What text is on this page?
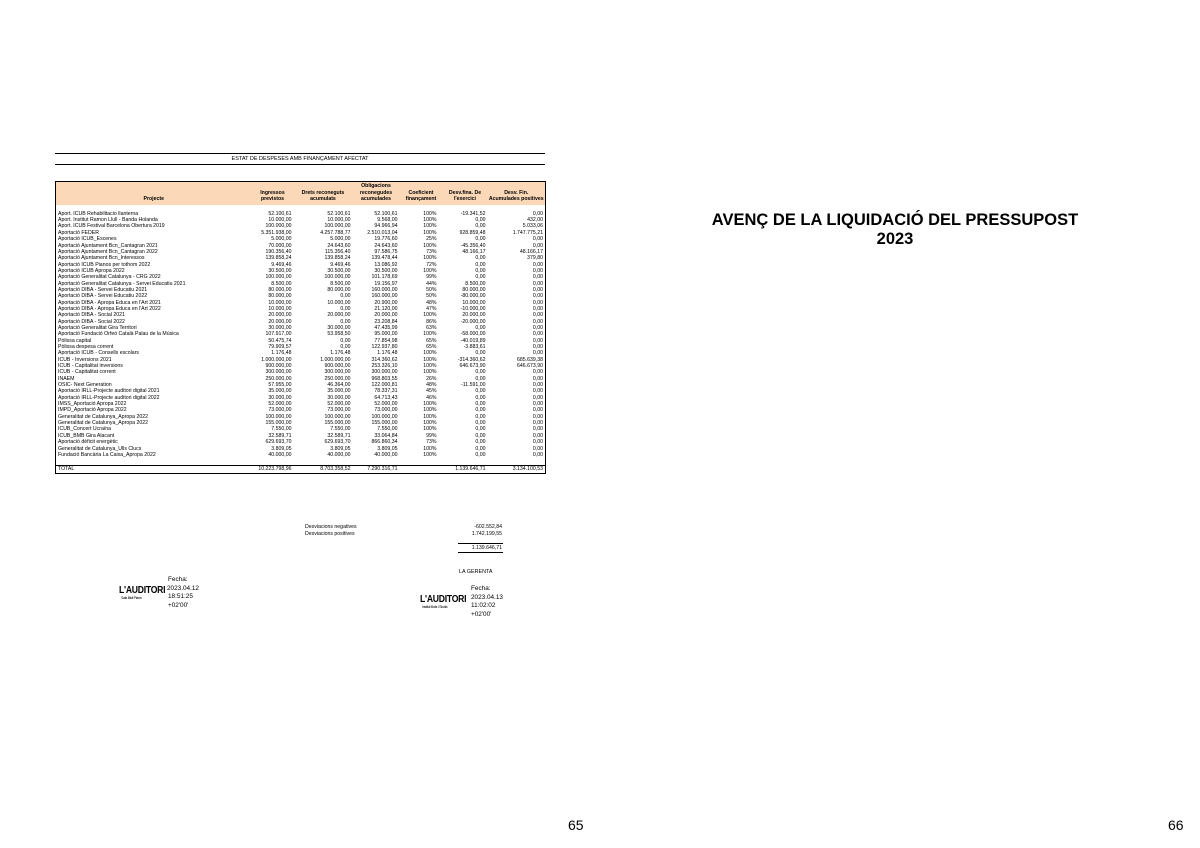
ESTAT DE DESPESES AMB FINANÇAMENT AFECTAT
Projecte	Ingressos previstos	Drets reconeguts acumulats	Obligacions reconegudes acumulades	Coeficient finançament	Desv.fina. De l'exercici	Desv. Fin. Acumulades positives

Aport. ICUB Rehabilitacio llanterna	52.100,61	52.100,61	52.100,61	100%	-19.341,52	0,00
Aport. Institut Ramon Llull - Banda Holanda	10.000,00	10.000,00	9.568,00	100%	0,00	432,00
Aport. ICUB Festival Barcelona Obertura 2019	100.000,00	100.000,00	94.966,94	100%	0,00	5.033,06
Aportació FEDER	5.351.938,00	4.257.788,77	2.510.013,04	100%	928.859,48	1.747.775,21
Aportació ICUB_Escenes	5.000,00	5.000,00	19.776,60	25%	0,00	0,00
Aportació Ajuntament Bcn_Cantagran 2021	70.000,00	24.643,60	24.643,60	100%	-45.356,40	0,00
Aportació Ajuntament Bcn_Cantagran 2022	190.356,40	115.356,40	97.586,75	73%	48.166,17	48.166,17
Aportació Ajuntament Bcn_Interessos	139.858,24	139.858,24	139.478,44	100%	0,00	379,80
Aportació ICUB Pianos per tothom 2022	9.469,46	9.469,46	13.086,92	72%	0,00	0,00
Aportació ICUB Apropa 2022	30.500,00	30.500,00	30.500,00	100%	0,00	0,00
Aportació Generalitat Catalunya - CRG 2022	100.000,00	100.000,00	101.178,69	99%	0,00	0,00
Aportació Generalitat Catalunya - Servei Educatiu 2021	8.500,00	8.500,00	19.156,97	44%	8.500,00	0,00
Aportació DIBA - Servei Educatiu 2021	80.000,00	80.000,00	160.000,00	50%	80.000,00	0,00
Aportació DIBA - Servei Educatiu 2022	80.000,00	0,00	160.000,00	50%	-80.000,00	0,00
Aportació DIBA - Apropa Educa en l'Art 2021	10.000,00	10.000,00	20.900,00	48%	10.000,00	0,00
Aportació DIBA - Apropa Educa en l'Art 2022	10.000,00	0,00	21.120,00	47%	-10.000,00	0,00
Aportació DIBA - Social 2021	20.000,00	20.000,00	20.000,00	100%	20.000,00	0,00
Aportació DIBA - Social 2022	20.000,00	0,00	23.208,84	86%	-20.000,00	0,00
Aportació Generalitat Gira Territori	30.000,00	30.000,00	47.435,99	63%	0,00	0,00
Aportació Fundació Orfeó Català Palau de la Música	107.917,00	53.958,50	95.000,00	100%	-58.000,00	0,00
Pòlissa capital	50.475,74	0,00	77.854,98	65%	-40.019,89	0,00
Pòlissa despesa corrent	79.909,57	0,00	122.937,80	65%	-3.883,61	0,00
Aportació ICUB - Consells escolars	1.176,48	1.176,48	1.176,48	100%	0,00	0,00
ICUB - Inversions 2021	1.000.000,00	1.000.000,00	314.360,62	100%	-314.360,62	685.639,38
ICUB - Capitalitat inversions	900.000,00	900.000,00	253.326,10	100%	646.673,90	646.673,90
ICUB - Capitalitat corrent	300.000,00	300.000,00	300.000,00	100%	0,00	0,00
INAEM	250.000,00	250.000,00	968.803,55	26%	0,00	0,00
OSIC- Next Generation	57.955,00	46.364,00	122.000,81	48%	-11.591,00	0,00
Aportació IRLL-Projecte auditori digital 2021	35.000,00	35.000,00	78.337,31	45%	0,00	0,00
Aportació IRLL-Projecte auditori digital 2022	30.000,00	30.000,00	64.713,43	46%	0,00	0,00
IMSS_Aportació Apropa 2022	52.000,00	52.000,00	52.000,00	100%	0,00	0,00
IMPD_Aportació Apropa 2022	73.000,00	73.000,00	73.000,00	100%	0,00	0,00
Generalitat de Catalunya_Apropa 2022	100.000,00	100.000,00	100.000,00	100%	0,00	0,00
Generalitat de Catalunya_Apropa 2022	155.000,00	155.000,00	155.000,00	100%	0,00	0,00
ICUB_Concert Ucraïna	7.550,00	7.550,00	7.550,00	100%	0,00	0,00
ICUB_BMB Gira Alacant	32.589,71	32.589,71	33.064,84	99%	0,00	0,00
Aportació dèficit energètic	629.693,70	629.693,70	866.860,34	73%	0,00	0,00
Generalitat de Catalunya_Ulls Clucs	3.809,05	3.809,05	3.809,05	100%	0,00	0,00
Fundació Bancària La Caixa_Apropa 2022	40.000,00	40.000,00	40.000,00	100%	0,00	0,00

TOTAL	10.223.798,96	8.703.358,52	7.290.316,71		1.139.646,71	3.134.100,53
Desviacions negatives	-602.552,84
Desviacions positives	1.742.199,55
1.139.646,71
LA GERENTA
L'AUDITORI
Sala Bioll Plana
Fecha:
2023.04.12
18:51:25
+02'00'
L'AUDITORI
Institut Bolls i Sbolla
Fecha:
2023.04.13
11:02:02
+02'00'
65
AVENÇ DE LA LIQUIDACIÓ DEL PRESSUPOST
2023
66
